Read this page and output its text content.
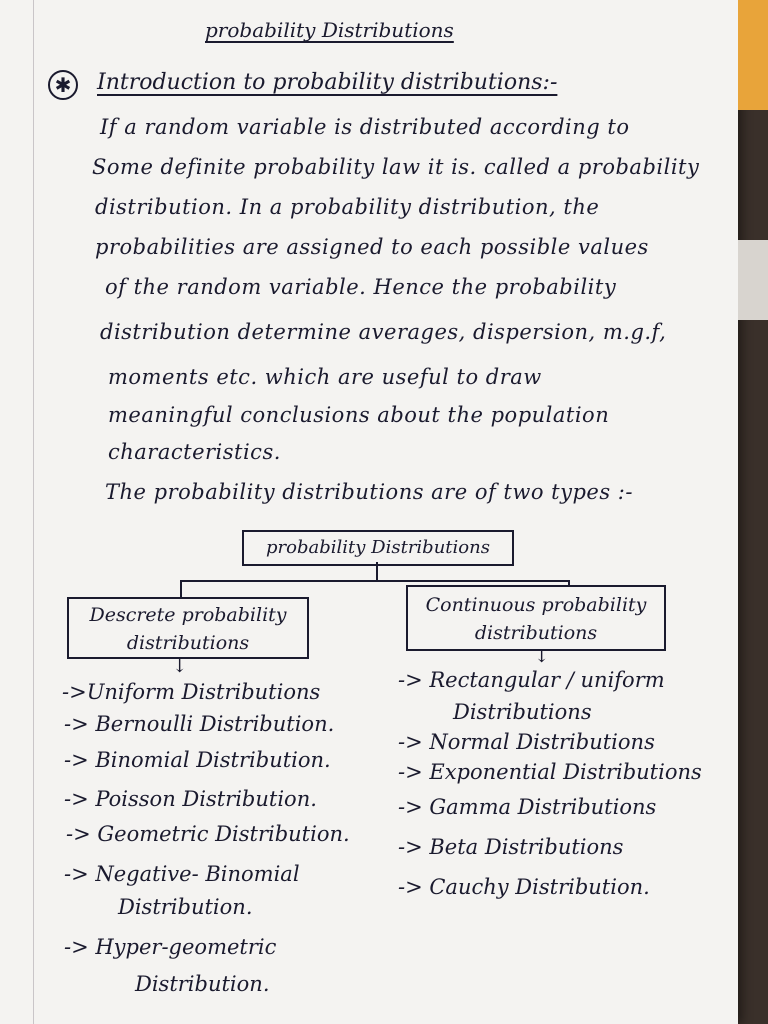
probability Distributions
✱	Introduction to probability distributions:-
If a random variable is distributed according to
Some definite probability law it is. called a probability
distribution. In a probability distribution, the
probabilities are assigned to each possible values
of the random variable. Hence the probability
distribution determine averages, dispersion, m.g.f,
moments etc. which are useful to draw
meaningful conclusions about the population
characteristics.
The probability distributions are of two types :-
probability Distributions
Descrete probability
distributions
Continuous probability
distributions
↓	↓
->Uniform Distributions
-> Bernoulli Distribution.
-> Binomial Distribution.
-> Poisson Distribution.
-> Geometric Distribution.
-> Negative- Binomial
Distribution.
-> Hyper-geometric
Distribution.
-> Rectangular / uniform
Distributions
-> Normal Distributions
-> Exponential Distributions
-> Gamma Distributions
-> Beta Distributions
-> Cauchy Distribution.
